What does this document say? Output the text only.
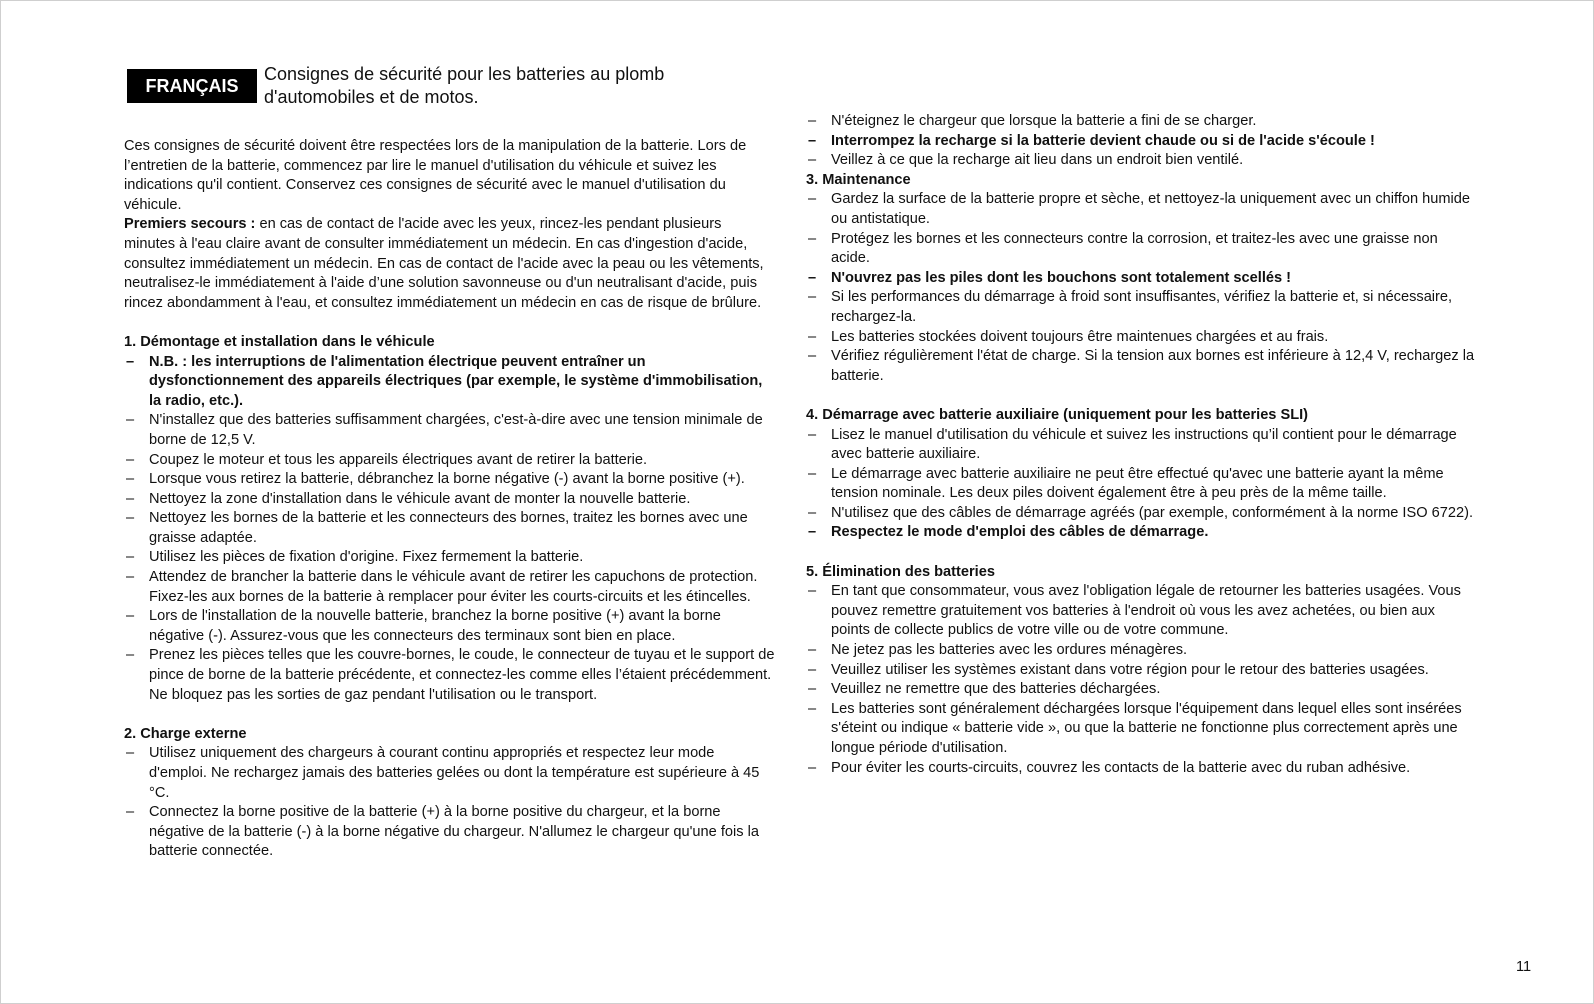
FRANÇAIS
Consignes de sécurité pour les batteries au plomb
d'automobiles et de motos.

Ces consignes de sécurité doivent être respectées lors de la manipulation de la batterie. Lors de l’entretien de la batterie, commencez par lire le manuel d'utilisation du véhicule et suivez les indications qu'il contient. Conservez ces consignes de sécurité avec le manuel d'utilisation du véhicule.

Premiers secours : en cas de contact de l'acide avec les yeux, rincez-les pendant plusieurs minutes à l'eau claire avant de consulter immédiatement un médecin. En cas d'ingestion d'acide, consultez immédiatement un médecin. En cas de contact de l'acide avec la peau ou les vêtements, neutralisez-le immédiatement à l'aide d’une solution savonneuse ou d'un neutralisant d'acide, puis rincez abondamment à l'eau, et consultez immédiatement un médecin en cas de risque de brûlure.

1. Démontage et installation dans le véhicule
– N.B. : les interruptions de l'alimentation électrique peuvent entraîner un dysfonctionnement des appareils électriques (par exemple, le système d'immobilisation, la radio, etc.).
– N'installez que des batteries suffisamment chargées, c'est-à-dire avec une tension minimale de borne de 12,5 V.
– Coupez le moteur et tous les appareils électriques avant de retirer la batterie.
– Lorsque vous retirez la batterie, débranchez la borne négative (-) avant la borne positive (+).
– Nettoyez la zone d'installation dans le véhicule avant de monter la nouvelle batterie.
– Nettoyez les bornes de la batterie et les connecteurs des bornes, traitez les bornes avec une graisse adaptée.
– Utilisez les pièces de fixation d'origine. Fixez fermement la batterie.
– Attendez de brancher la batterie dans le véhicule avant de retirer les capuchons de protection. Fixez-les aux bornes de la batterie à remplacer pour éviter les courts-circuits et les étincelles.
– Lors de l'installation de la nouvelle batterie, branchez la borne positive (+) avant la borne négative (-). Assurez-vous que les connecteurs des terminaux sont bien en place.
– Prenez les pièces telles que les couvre-bornes, le coude, le connecteur de tuyau et le support de pince de borne de la batterie précédente, et connectez-les comme elles l’étaient précédemment. Ne bloquez pas les sorties de gaz pendant l'utilisation ou le transport.
2. Charge externe
– Utilisez uniquement des chargeurs à courant continu appropriés et respectez leur mode d'emploi. Ne rechargez jamais des batteries gelées ou dont la température est supérieure à 45 °C.
– Connectez la borne positive de la batterie (+) à la borne positive du chargeur, et la borne négative de la batterie (-) à la borne négative du chargeur. N'allumez le chargeur qu'une fois la batterie connectée.
– N'éteignez le chargeur que lorsque la batterie a fini de se charger.
– Interrompez la recharge si la batterie devient chaude ou si de l'acide s'écoule !
– Veillez à ce que la recharge ait lieu dans un endroit bien ventilé.
3. Maintenance
– Gardez la surface de la batterie propre et sèche, et nettoyez-la uniquement avec un chiffon humide ou antistatique.
– Protégez les bornes et les connecteurs contre la corrosion, et traitez-les avec une graisse non acide.
– N'ouvrez pas les piles dont les bouchons sont totalement scellés !
– Si les performances du démarrage à froid sont insuffisantes, vérifiez la batterie et, si nécessaire, rechargez-la.
– Les batteries stockées doivent toujours être maintenues chargées et au frais.
– Vérifiez régulièrement l'état de charge. Si la tension aux bornes est inférieure à 12,4 V, rechargez la batterie.
4. Démarrage avec batterie auxiliaire (uniquement pour les batteries SLI)
– Lisez le manuel d'utilisation du véhicule et suivez les instructions qu’il contient pour le démarrage avec batterie auxiliaire.
– Le démarrage avec batterie auxiliaire ne peut être effectué qu'avec une batterie ayant la même tension nominale. Les deux piles doivent également être à peu près de la même taille.
– N'utilisez que des câbles de démarrage agréés (par exemple, conformément à la norme ISO 6722).
– Respectez le mode d'emploi des câbles de démarrage.
5. Élimination des batteries
– En tant que consommateur, vous avez l'obligation légale de retourner les batteries usagées. Vous pouvez remettre gratuitement vos batteries à l'endroit où vous les avez achetées, ou bien aux points de collecte publics de votre ville ou de votre commune.
– Ne jetez pas les batteries avec les ordures ménagères.
– Veuillez utiliser les systèmes existant dans votre région pour le retour des batteries usagées.
– Veuillez ne remettre que des batteries déchargées.
– Les batteries sont généralement déchargées lorsque l'équipement dans lequel elles sont insérées s'éteint ou indique « batterie vide », ou que la batterie ne fonctionne plus correctement après une longue période d'utilisation.
– Pour éviter les courts-circuits, couvrez les contacts de la batterie avec du ruban adhésive.
11
